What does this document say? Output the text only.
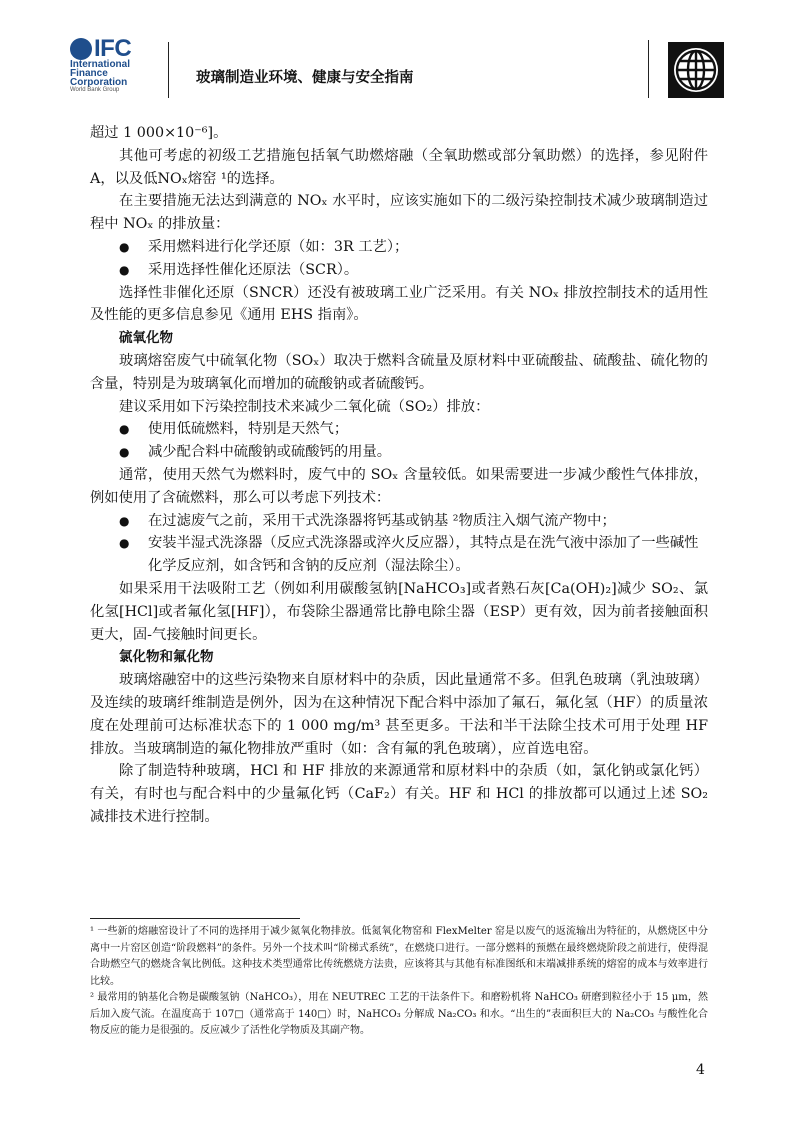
IFC
International
Finance
Corporation
World Bank Group
玻璃制造业环境、健康与安全指南

超过 1 000×10⁻⁶]。

其他可考虑的初级工艺措施包括氧气助燃熔融（全氧助燃或部分氧助燃）的选择，参见附件A，以及低NOₓ熔窑 ¹的选择。

在主要措施无法达到满意的 NOₓ 水平时，应该实施如下的二级污染控制技术减少玻璃制造过程中 NOₓ 的排放量：

● 采用燃料进行化学还原（如：3R 工艺）；
● 采用选择性催化还原法（SCR）。

选择性非催化还原（SNCR）还没有被玻璃工业广泛采用。有关 NOₓ 排放控制技术的适用性及性能的更多信息参见《通用 EHS 指南》。

硫氧化物

玻璃熔窑废气中硫氧化物（SOₓ）取决于燃料含硫量及原材料中亚硫酸盐、硫酸盐、硫化物的含量，特别是为玻璃氧化而增加的硫酸钠或者硫酸钙。

建议采用如下污染控制技术来减少二氧化硫（SO₂）排放：

● 使用低硫燃料，特别是天然气；
● 减少配合料中硫酸钠或硫酸钙的用量。

通常，使用天然气为燃料时，废气中的 SOₓ 含量较低。如果需要进一步减少酸性气体排放，例如使用了含硫燃料，那么可以考虑下列技术：

● 在过滤废气之前，采用干式洗涤器将钙基或钠基 ²物质注入烟气流产物中；
● 安装半湿式洗涤器（反应式洗涤器或淬火反应器），其特点是在洗气液中添加了一些碱性化学反应剂，如含钙和含钠的反应剂（湿法除尘）。

如果采用干法吸附工艺（例如利用碳酸氢钠[NaHCO₃]或者熟石灰[Ca(OH)₂]减少 SO₂、氯化氢[HCl]或者氟化氢[HF]），布袋除尘器通常比静电除尘器（ESP）更有效，因为前者接触面积更大，固-气接触时间更长。

氯化物和氟化物

玻璃熔融窑中的这些污染物来自原材料中的杂质，因此量通常不多。但乳色玻璃（乳浊玻璃）及连续的玻璃纤维制造是例外，因为在这种情况下配合料中添加了氟石，氟化氢（HF）的质量浓度在处理前可达标准状态下的 1 000 mg/m³ 甚至更多。干法和半干法除尘技术可用于处理 HF 排放。当玻璃制造的氟化物排放严重时（如：含有氟的乳色玻璃），应首选电窑。

除了制造特种玻璃，HCl 和 HF 排放的来源通常和原材料中的杂质（如，氯化钠或氯化钙）有关，有时也与配合料中的少量氟化钙（CaF₂）有关。HF 和 HCl 的排放都可以通过上述 SO₂ 减排技术进行控制。

¹ 一些新的熔融窑设计了不同的选择用于减少氮氧化物排放。低氮氧化物窑和 FlexMelter 窑是以废气的返流输出为特征的，从燃烧区中分离中一片窑区创造“阶段燃料”的条件。另外一个技术叫“阶梯式系统”，在燃烧口进行。一部分燃料的预燃在最终燃烧阶段之前进行，使得混合助燃空气的燃烧含氧比例低。这种技术类型通常比传统燃烧方法贵，应该将其与其他有标准图纸和末端减排系统的熔窑的成本与效率进行比较。

² 最常用的钠基化合物是碳酸氢钠（NaHCO₃），用在 NEUTREC 工艺的干法条件下。和磨粉机将 NaHCO₃ 研磨到粒径小于 15 μm，然后加入废气流。在温度高于 107□（通常高于 140□）时，NaHCO₃ 分解成 Na₂CO₃ 和水。“出生的”表面积巨大的 Na₂CO₃ 与酸性化合物反应的能力是很强的。反应减少了活性化学物质及其副产物。

4
